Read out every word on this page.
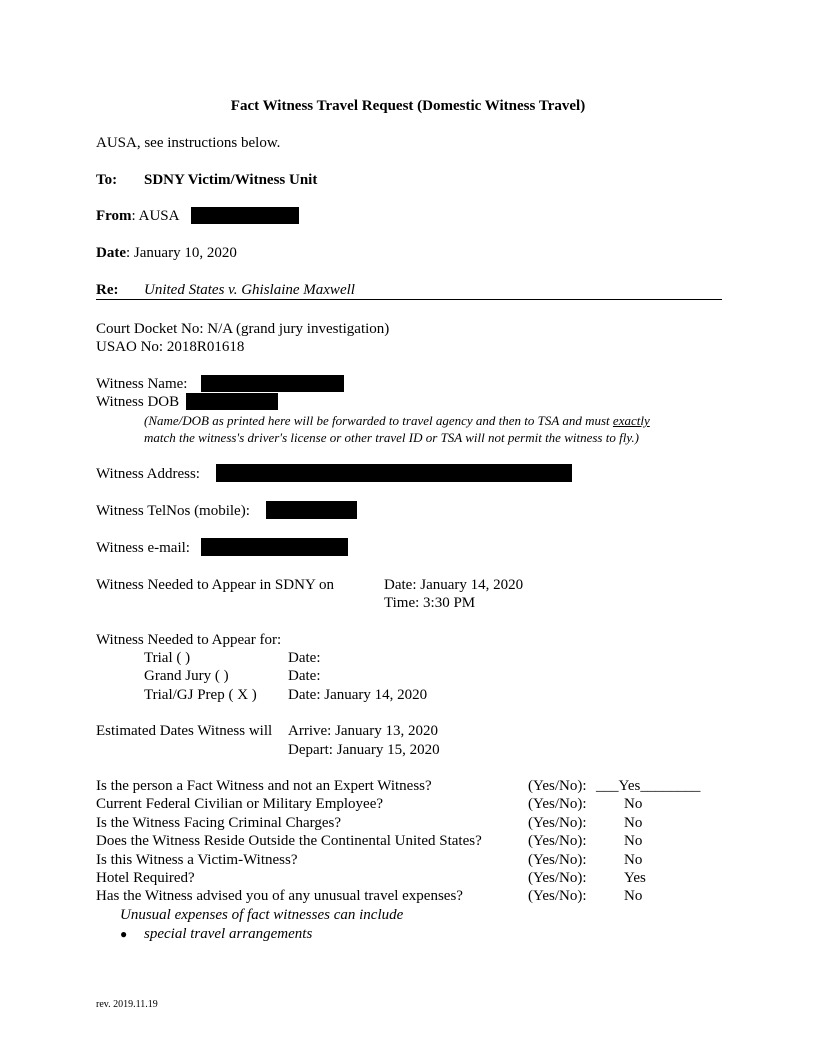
Fact Witness Travel Request (Domestic Witness Travel)
AUSA, see instructions below.
To: SDNY Victim/Witness Unit
From: AUSA
Date: January 10, 2020
Re: United States v. Ghislaine Maxwell
Court Docket No: N/A (grand jury investigation)
USAO No: 2018R01618
Witness Name:
Witness DOB
(Name/DOB as printed here will be forwarded to travel agency and then to TSA and must exactly
match the witness's driver's license or other travel ID or TSA will not permit the witness to fly.)
Witness Address:
Witness TelNos (mobile):
Witness e-mail:
Witness Needed to Appear in SDNY on	Date: January 14, 2020
Time: 3:30 PM
Witness Needed to Appear for:
Trial ( )	Date:
Grand Jury ( )	Date:
Trial/GJ Prep ( X ) Date: January 14, 2020
Estimated Dates Witness will Arrive: January 13, 2020
Depart: January 15, 2020
Is the person a Fact Witness and not an Expert Witness?	(Yes/No): ___Yes________
Current Federal Civilian or Military Employee?	(Yes/No):	No
Is the Witness Facing Criminal Charges?	(Yes/No):	No
Does the Witness Reside Outside the Continental United States?	(Yes/No):	No
Is this Witness a Victim-Witness?	(Yes/No):	No
Hotel Required?	(Yes/No):	Yes
Has the Witness advised you of any unusual travel expenses?	(Yes/No):	No
Unusual expenses of fact witnesses can include
● special travel arrangements
rev. 2019.11.19
